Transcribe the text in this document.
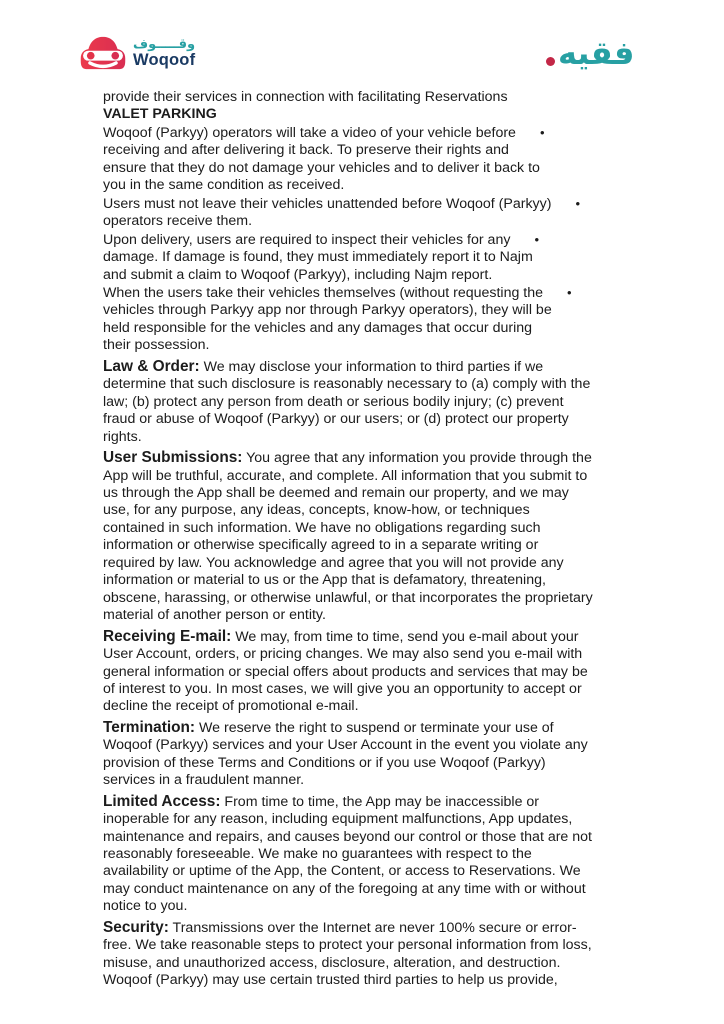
وقـــــوف
Woqoof	فقيه
provide their services in connection with facilitating Reservations
VALET PARKING
Woqoof (Parkyy) operators will take a video of your vehicle before •
receiving and after delivering it back. To preserve their rights and
ensure that they do not damage your vehicles and to deliver it back to
you in the same condition as received.
Users must not leave their vehicles unattended before Woqoof (Parkyy) •
operators receive them.
Upon delivery, users are required to inspect their vehicles for any •
damage. If damage is found, they must immediately report it to Najm
and submit a claim to Woqoof (Parkyy), including Najm report.
When the users take their vehicles themselves (without requesting the •
vehicles through Parkyy app nor through Parkyy operators), they will be
held responsible for the vehicles and any damages that occur during
their possession.
Law & Order: We may disclose your information to third parties if we
determine that such disclosure is reasonably necessary to (a) comply with the
law; (b) protect any person from death or serious bodily injury; (c) prevent
fraud or abuse of Woqoof (Parkyy) or our users; or (d) protect our property
rights.
User Submissions: You agree that any information you provide through the
App will be truthful, accurate, and complete. All information that you submit to
us through the App shall be deemed and remain our property, and we may
use, for any purpose, any ideas, concepts, know-how, or techniques
contained in such information. We have no obligations regarding such
information or otherwise specifically agreed to in a separate writing or
required by law. You acknowledge and agree that you will not provide any
information or material to us or the App that is defamatory, threatening,
obscene, harassing, or otherwise unlawful, or that incorporates the proprietary
material of another person or entity.
Receiving E-mail: We may, from time to time, send you e-mail about your
User Account, orders, or pricing changes. We may also send you e-mail with
general information or special offers about products and services that may be
of interest to you. In most cases, we will give you an opportunity to accept or
decline the receipt of promotional e-mail.
Termination: We reserve the right to suspend or terminate your use of
Woqoof (Parkyy) services and your User Account in the event you violate any
provision of these Terms and Conditions or if you use Woqoof (Parkyy)
services in a fraudulent manner.
Limited Access: From time to time, the App may be inaccessible or
inoperable for any reason, including equipment malfunctions, App updates,
maintenance and repairs, and causes beyond our control or those that are not
reasonably foreseeable. We make no guarantees with respect to the
availability or uptime of the App, the Content, or access to Reservations. We
may conduct maintenance on any of the foregoing at any time with or without
notice to you.
Security: Transmissions over the Internet are never 100% secure or error-
free. We take reasonable steps to protect your personal information from loss,
misuse, and unauthorized access, disclosure, alteration, and destruction.
Woqoof (Parkyy) may use certain trusted third parties to help us provide,
